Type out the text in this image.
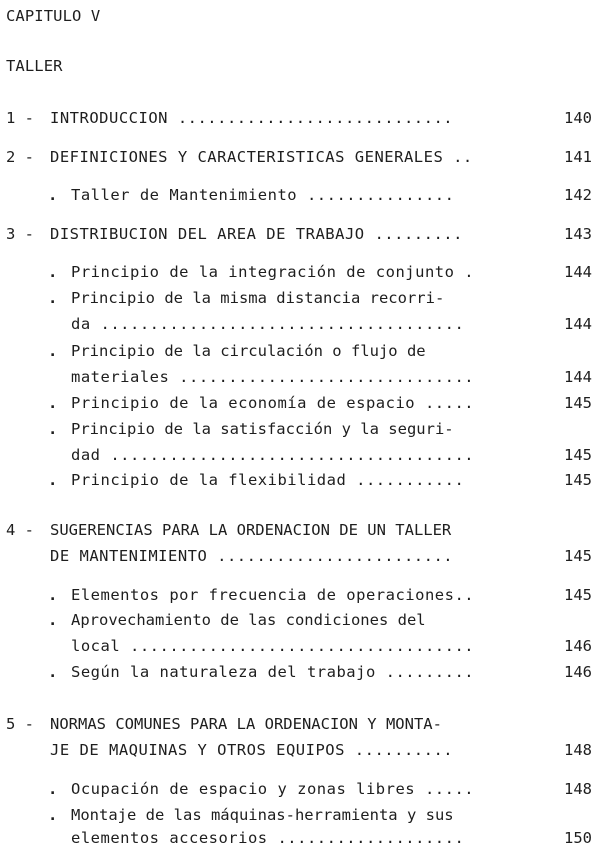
CAPITULO V
TALLER
1 - INTRODUCCION ............................	140
2 - DEFINICIONES Y CARACTERISTICAS GENERALES ..	141
. Taller de Mantenimiento ...............	142
3 - DISTRIBUCION DEL AREA DE TRABAJO .........	143
. Principio de la integración de conjunto .	144
. Principio de la misma distancia recorri-
da .....................................	144
. Principio de la circulación o flujo de
materiales ..............................	144
. Principio de la economía de espacio .....	145
. Principio de la satisfacción y la seguri-
dad .....................................	145
. Principio de la flexibilidad ...........	145
4 - SUGERENCIAS PARA LA ORDENACION DE UN TALLER
DE MANTENIMIENTO ........................	145
. Elementos por frecuencia de operaciones..	145
. Aprovechamiento de las condiciones del
local ...................................	146
. Según la naturaleza del trabajo .........	146
5 - NORMAS COMUNES PARA LA ORDENACION Y MONTA-
JE DE MAQUINAS Y OTROS EQUIPOS ..........	148
. Ocupación de espacio y zonas libres .....	148
. Montaje de las máquinas-herramienta y sus
elementos accesorios ...................	150
